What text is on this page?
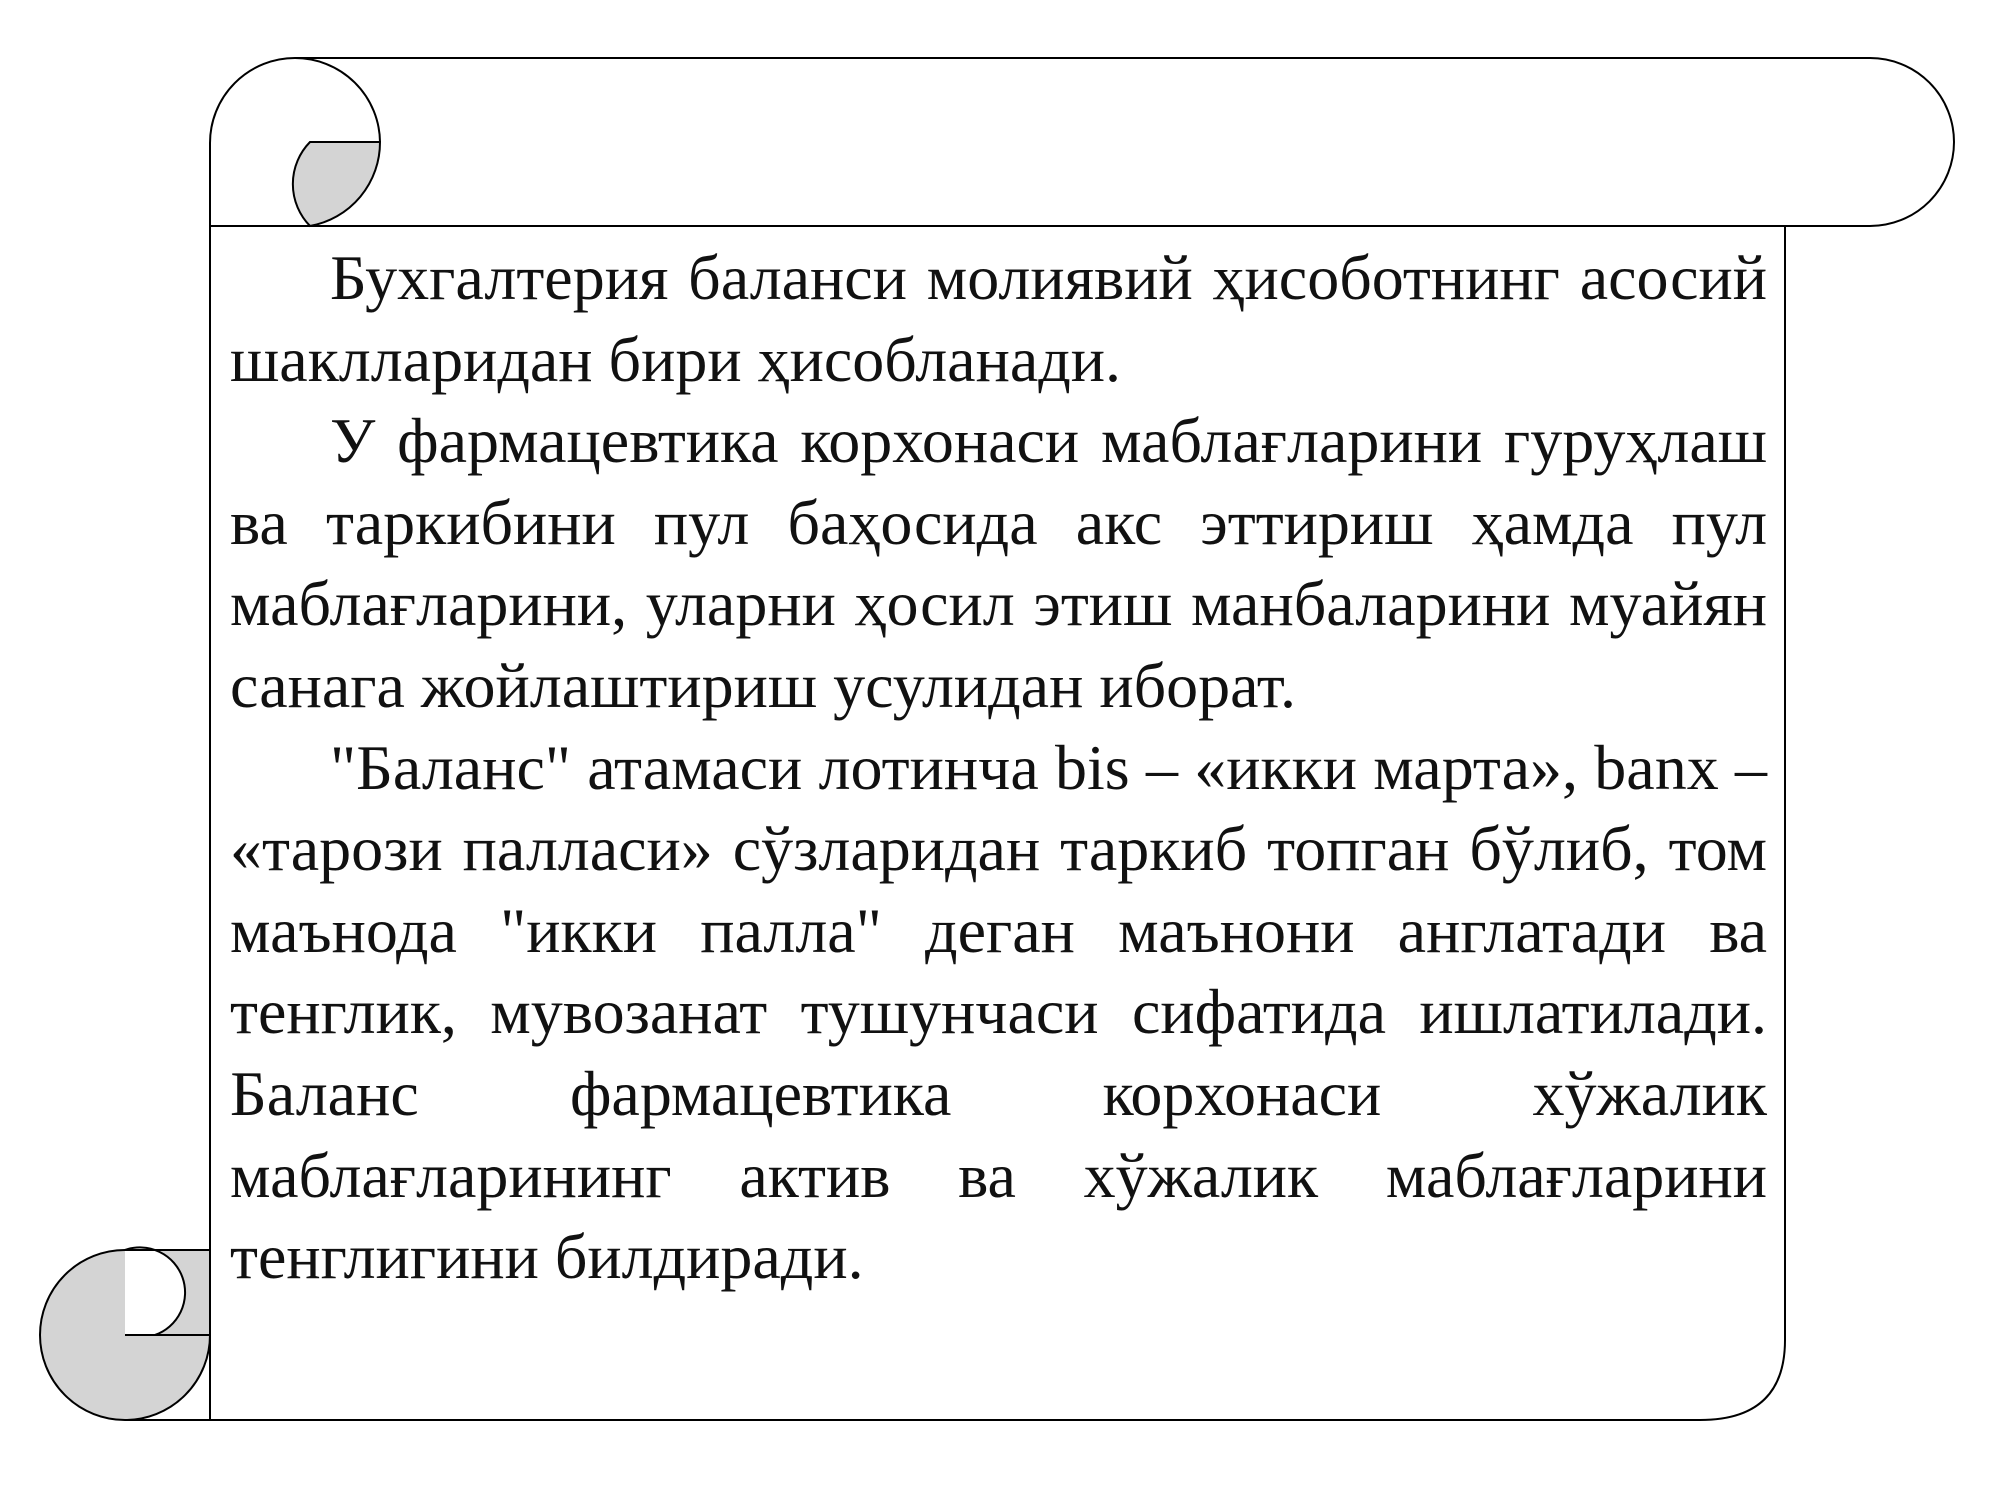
Бухгалтерия баланси молиявий ҳисоботнинг асосий шаклларидан бири ҳисобланади.

У фармацевтика корхонаси маблағларини гуруҳлаш ва таркибини пул баҳосида акс эттириш ҳамда пул маблағларини, уларни ҳосил этиш манбаларини муайян санага жойлаштириш усулидан иборат.

"Баланс" атамаси лотинча bis – «икки марта», banх – «тарози палласи» сўзларидан таркиб топган бўлиб, том маънода "икки палла" деган маънони англатади ва тенглик, мувозанат тушунчаси сифатида ишлатилади. Баланс фармацевтика корхонаси хўжалик маблағларининг актив ва хўжалик маблағларини тенглигини билдиради.
